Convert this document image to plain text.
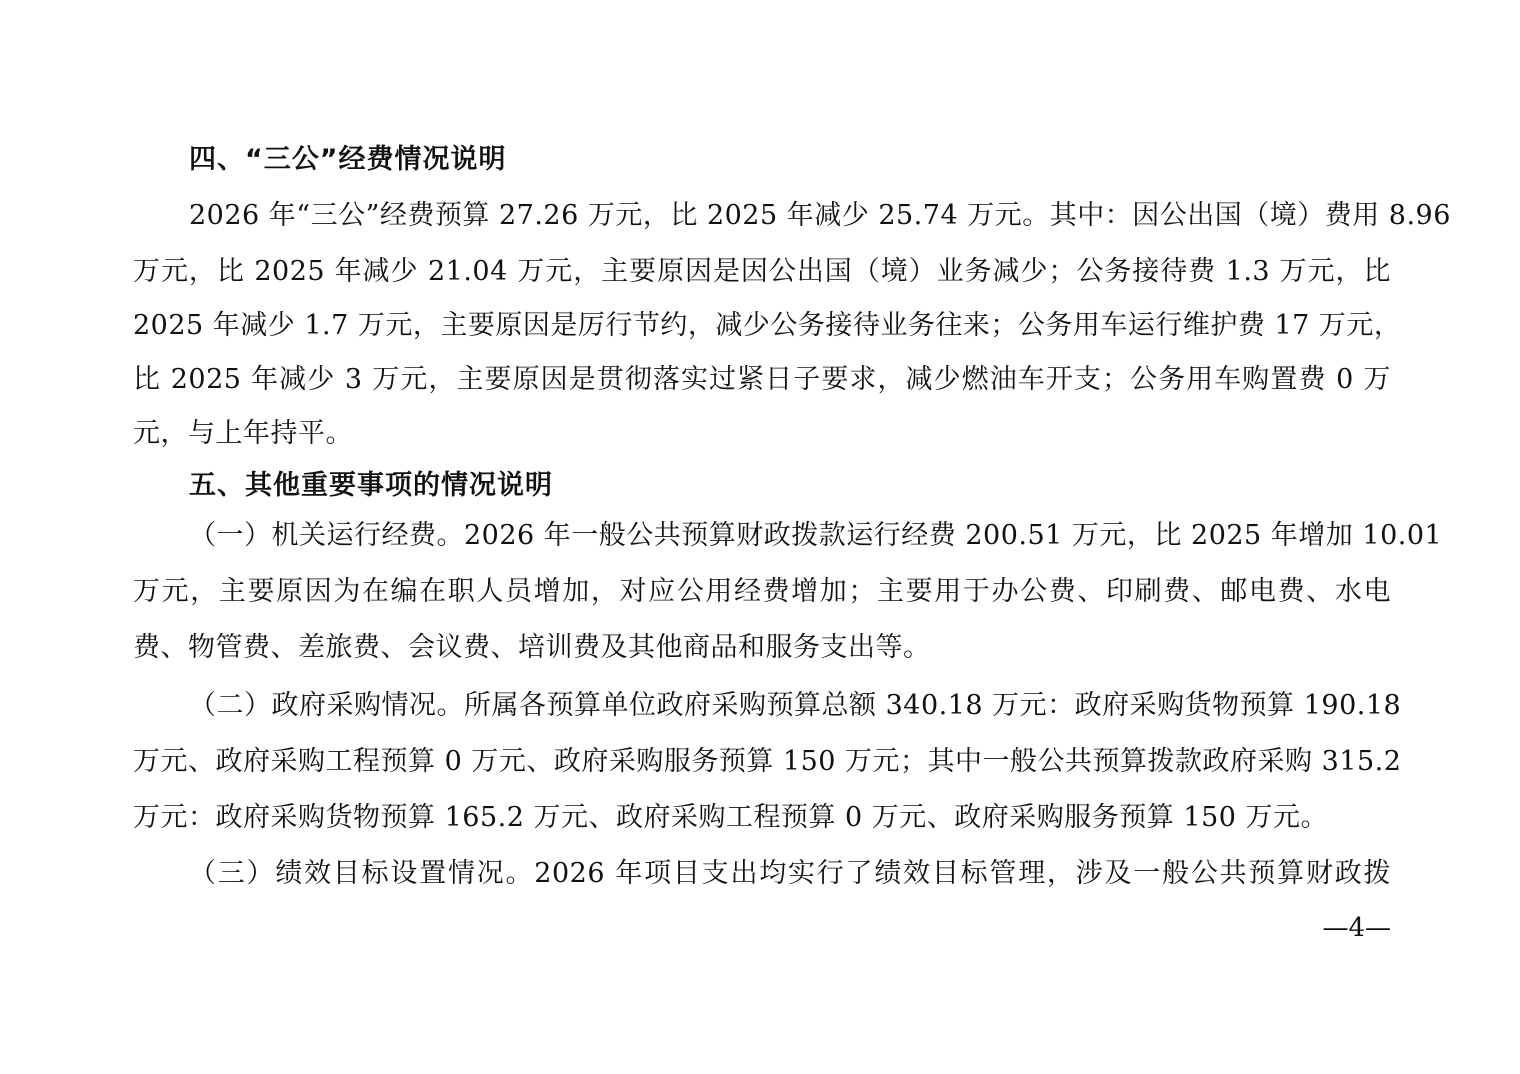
四、“三公”经费情况说明
2026 年“三公”经费预算 27.26 万元，比 2025 年减少 25.74 万元。其中：因公出国（境）费用 8.96
万元，比 2025 年减少 21.04 万元，主要原因是因公出国（境）业务减少；公务接待费 1.3 万元，比
2025 年减少 1.7 万元，主要原因是厉行节约，减少公务接待业务往来；公务用车运行维护费 17 万元，
比 2025 年减少 3 万元，主要原因是贯彻落实过紧日子要求，减少燃油车开支；公务用车购置费 0 万
元，与上年持平。
五、其他重要事项的情况说明
（一）机关运行经费。2026 年一般公共预算财政拨款运行经费 200.51 万元，比 2025 年增加 10.01
万元，主要原因为在编在职人员增加，对应公用经费增加；主要用于办公费、印刷费、邮电费、水电
费、物管费、差旅费、会议费、培训费及其他商品和服务支出等。
（二）政府采购情况。所属各预算单位政府采购预算总额 340.18 万元：政府采购货物预算 190.18
万元、政府采购工程预算 0 万元、政府采购服务预算 150 万元；其中一般公共预算拨款政府采购 315.2
万元：政府采购货物预算 165.2 万元、政府采购工程预算 0 万元、政府采购服务预算 150 万元。
（三）绩效目标设置情况。2026 年项目支出均实行了绩效目标管理，涉及一般公共预算财政拨
—4—
